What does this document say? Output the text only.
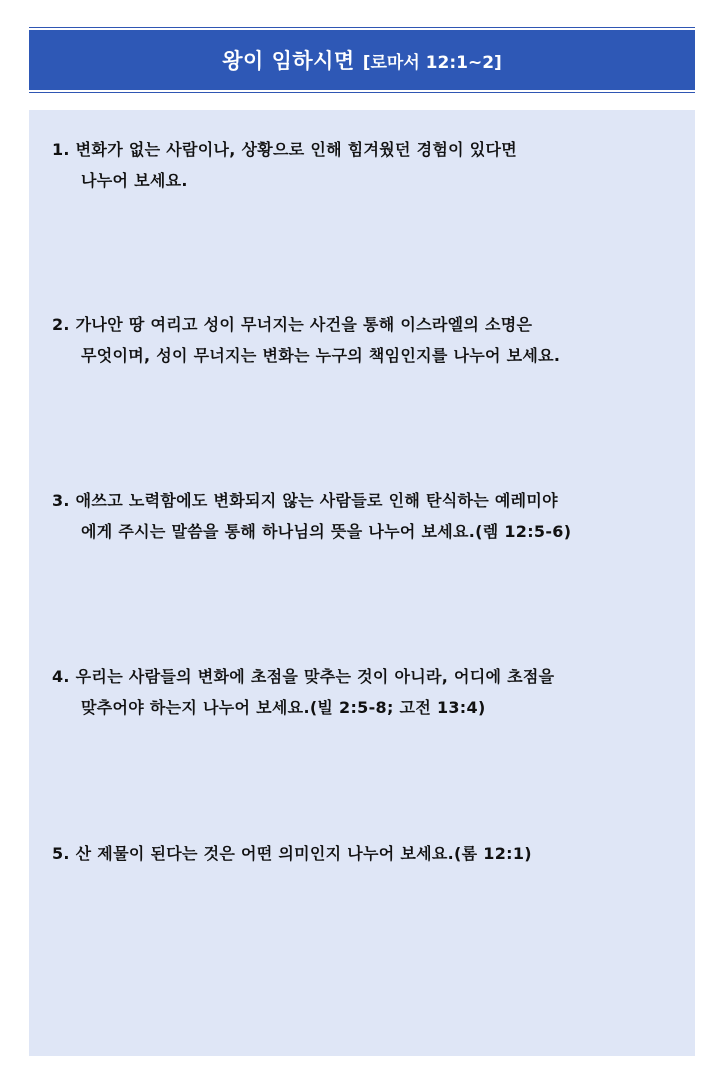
왕이 임하시면 [로마서 12:1~2]
1. 변화가 없는 사람이나, 상황으로 인해 힘겨웠던 경험이 있다면
나누어 보세요.
2. 가나안 땅 여리고 성이 무너지는 사건을 통해 이스라엘의 소명은
무엇이며, 성이 무너지는 변화는 누구의 책임인지를 나누어 보세요.
3. 애쓰고 노력함에도 변화되지 않는 사람들로 인해 탄식하는 예레미야
에게 주시는 말씀을 통해 하나님의 뜻을 나누어 보세요.(렘 12:5-6)
4. 우리는 사람들의 변화에 초점을 맞추는 것이 아니라, 어디에 초점을
맞추어야 하는지 나누어 보세요.(빌 2:5-8; 고전 13:4)
5. 산 제물이 된다는 것은 어떤 의미인지 나누어 보세요.(롬 12:1)
